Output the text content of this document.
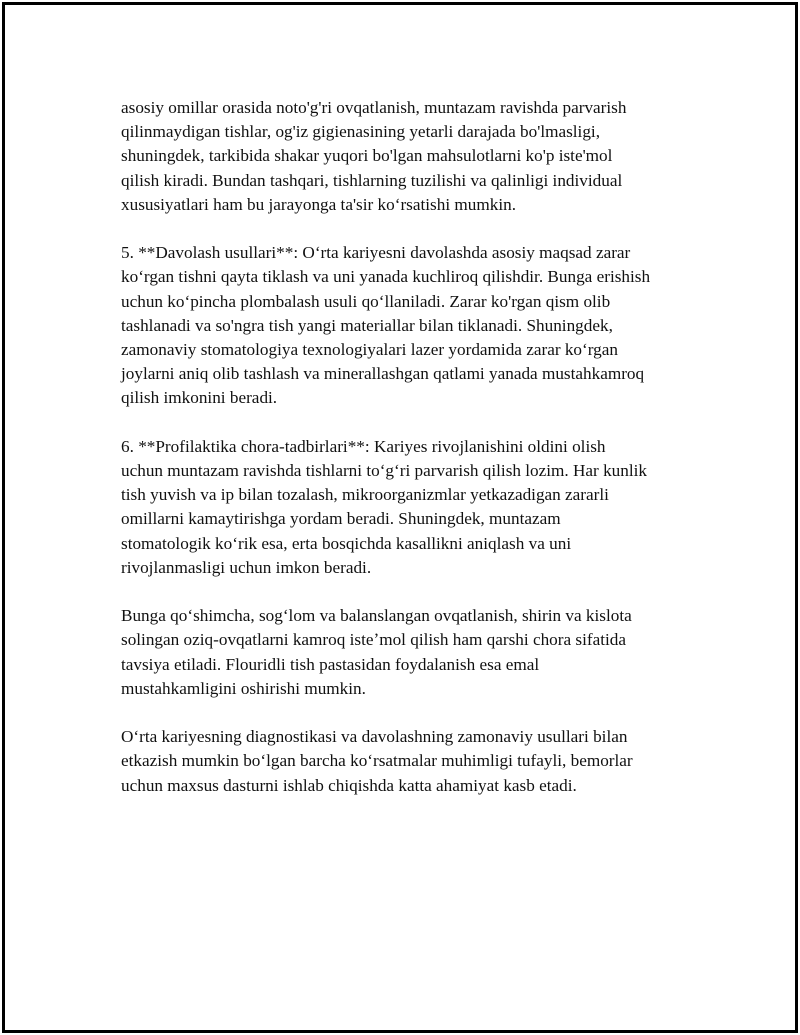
asosiy omillar orasida noto'g'ri ovqatlanish, muntazam ravishda parvarish
qilinmaydigan tishlar, og'iz gigienasining yetarli darajada bo'lmasligi,
shuningdek, tarkibida shakar yuqori bo'lgan mahsulotlarni ko'p iste'mol
qilish kiradi. Bundan tashqari, tishlarning tuzilishi va qalinligi individual
xususiyatlari ham bu jarayonga ta'sir koʻrsatishi mumkin.

5. **Davolash usullari**: Oʻrta kariyesni davolashda asosiy maqsad zarar
koʻrgan tishni qayta tiklash va uni yanada kuchliroq qilishdir. Bunga erishish
uchun koʻpincha plombalash usuli qoʻllaniladi. Zarar ko'rgan qism olib
tashlanadi va so'ngra tish yangi materiallar bilan tiklanadi. Shuningdek,
zamonaviy stomatologiya texnologiyalari lazer yordamida zarar koʻrgan
joylarni aniq olib tashlash va minerallashgan qatlami yanada mustahkamroq
qilish imkonini beradi.

6. **Profilaktika chora-tadbirlari**: Kariyes rivojlanishini oldini olish
uchun muntazam ravishda tishlarni toʻgʻri parvarish qilish lozim. Har kunlik
tish yuvish va ip bilan tozalash, mikroorganizmlar yetkazadigan zararli
omillarni kamaytirishga yordam beradi. Shuningdek, muntazam
stomatologik koʻrik esa, erta bosqichda kasallikni aniqlash va uni
rivojlanmasligi uchun imkon beradi.

Bunga qoʻshimcha, sogʻlom va balanslangan ovqatlanish, shirin va kislota
solingan oziq-ovqatlarni kamroq isteʼmol qilish ham qarshi chora sifatida
tavsiya etiladi. Flouridli tish pastasidan foydalanish esa emal
mustahkamligini oshirishi mumkin.

Oʻrta kariyesning diagnostikasi va davolashning zamonaviy usullari bilan
etkazish mumkin boʻlgan barcha koʻrsatmalar muhimligi tufayli, bemorlar
uchun maxsus dasturni ishlab chiqishda katta ahamiyat kasb etadi.
